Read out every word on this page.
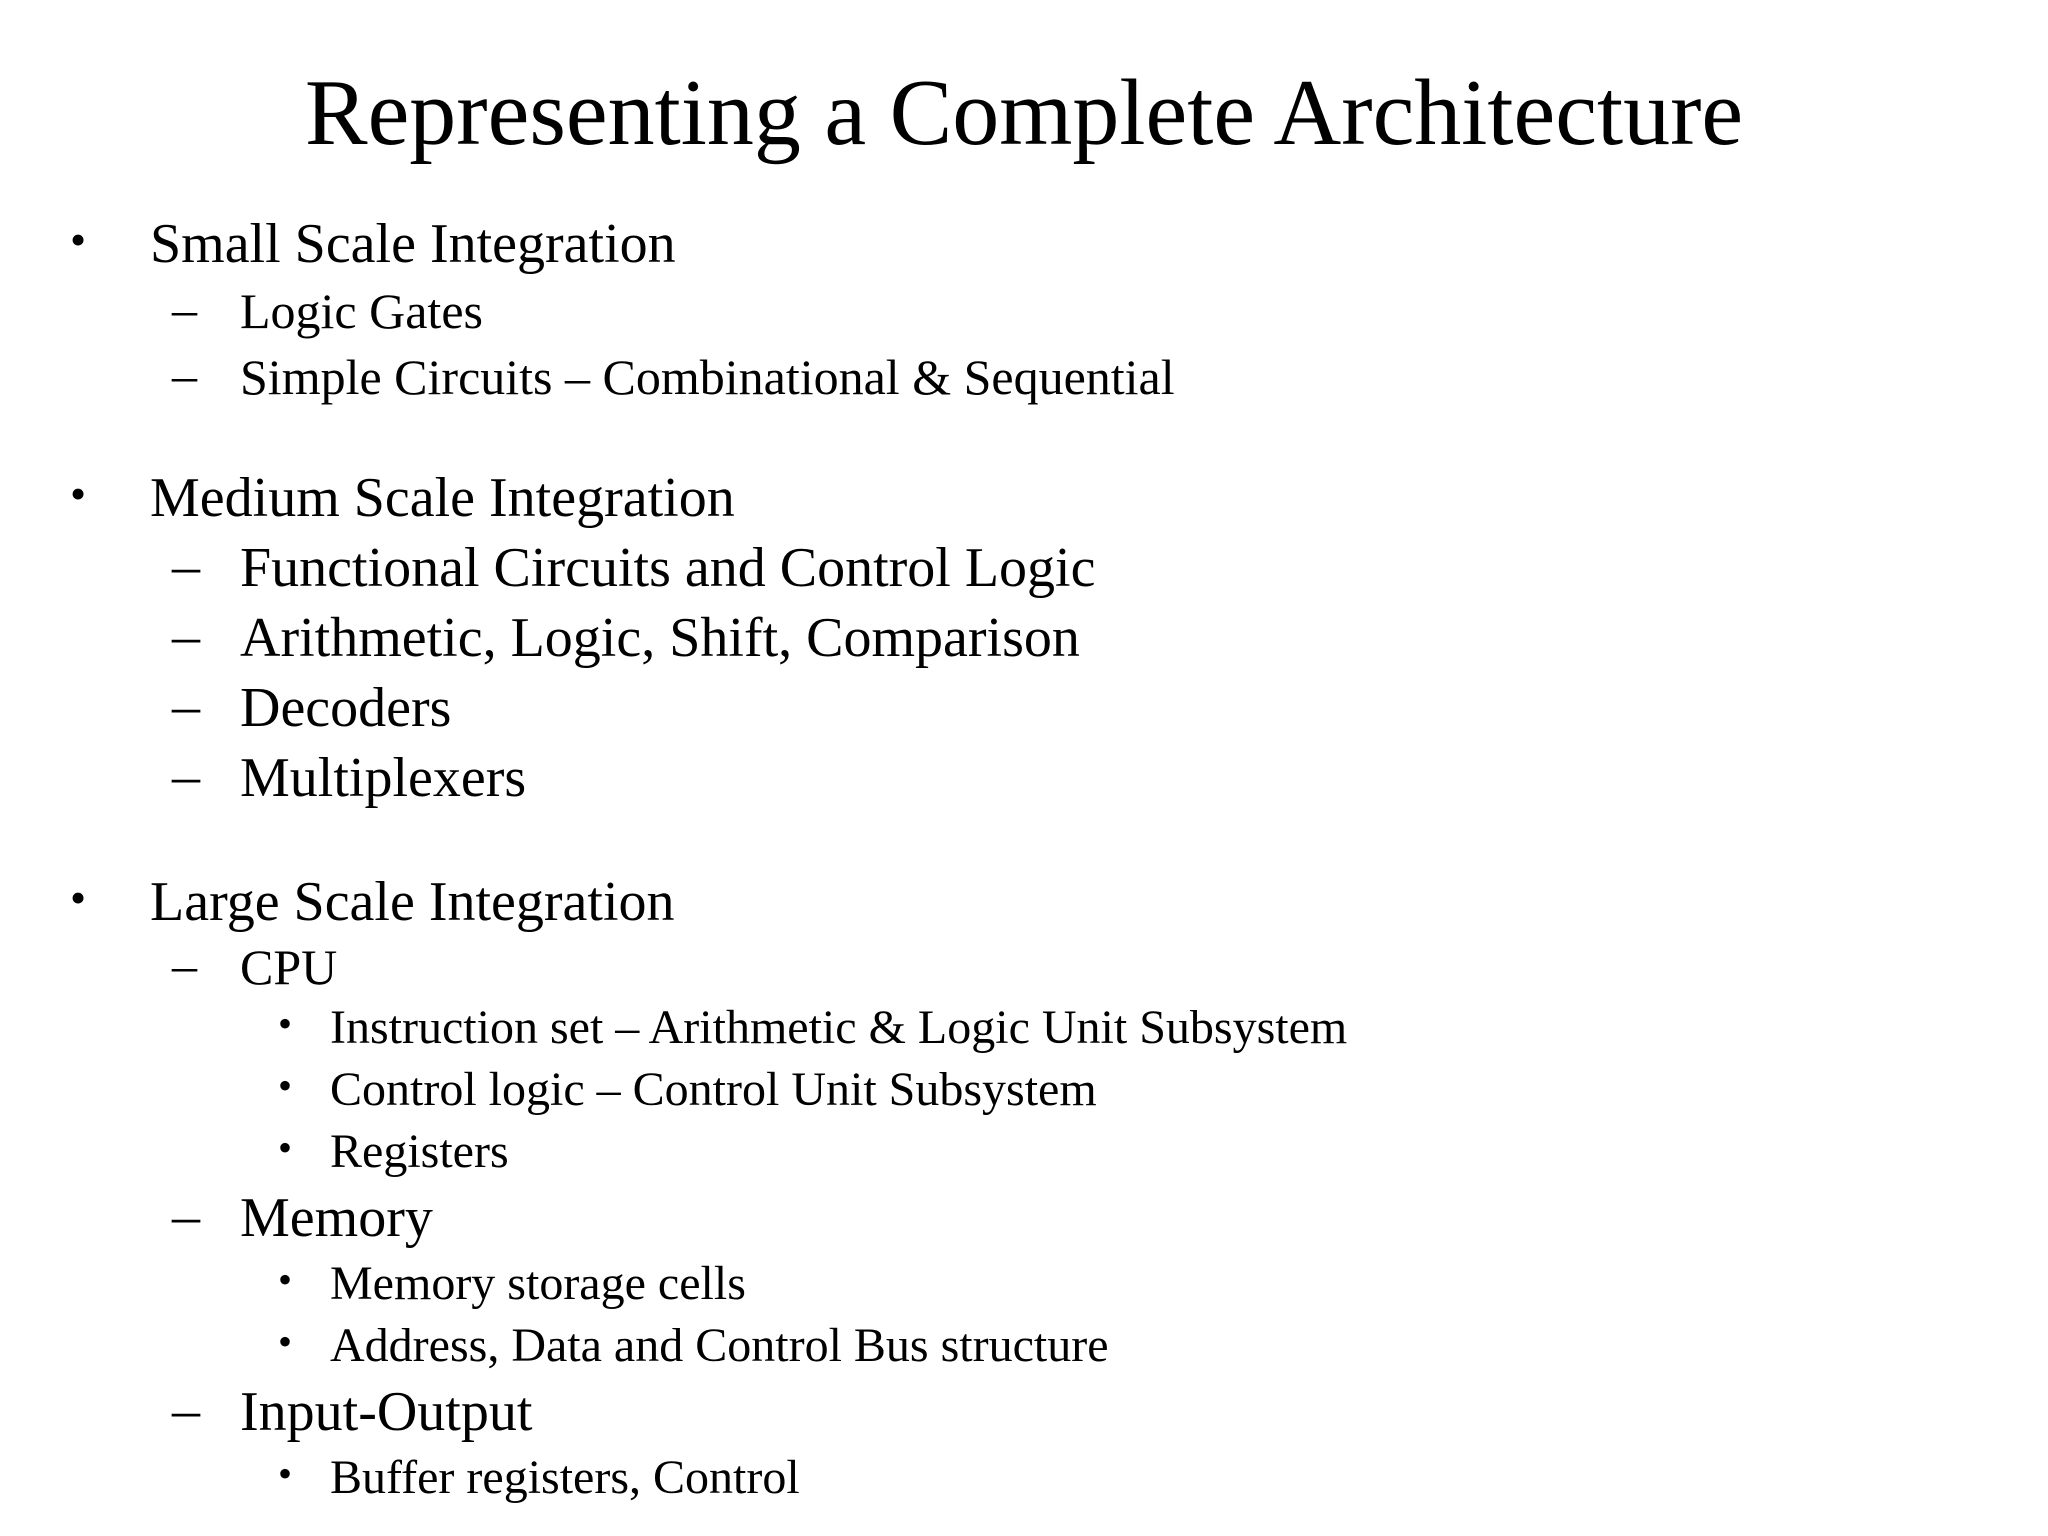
Representing a Complete Architecture
• Small Scale Integration
– Logic Gates
– Simple Circuits – Combinational & Sequential
• Medium Scale Integration
– Functional Circuits and Control Logic
– Arithmetic, Logic, Shift, Comparison
– Decoders
– Multiplexers
• Large Scale Integration
– CPU
• Instruction set – Arithmetic & Logic Unit Subsystem
• Control logic – Control Unit Subsystem
• Registers
– Memory
• Memory storage cells
• Address, Data and Control Bus structure
– Input-Output
• Buffer registers, Control
